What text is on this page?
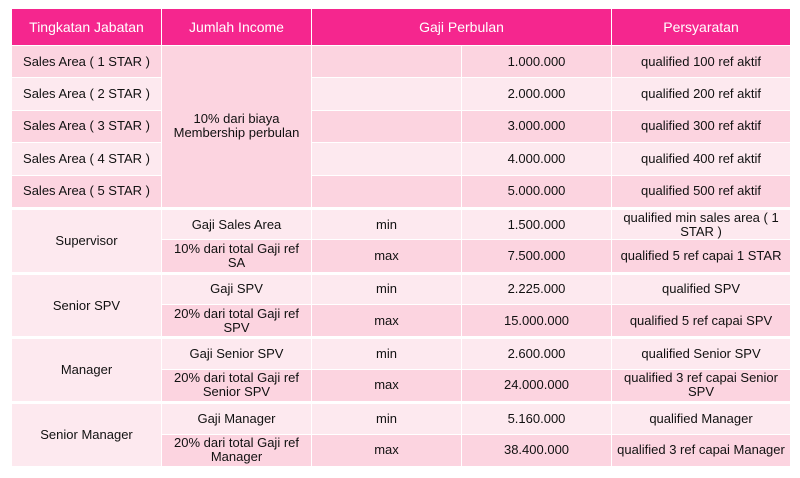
Tingkatan Jabatan	Jumlah Income	Gaji Perbulan		Persyaratan
Sales Area ( 1 STAR )	10% dari biaya Membership perbulan		1.000.000	qualified 100 ref aktif
Sales Area ( 2 STAR )			2.000.000	qualified 200 ref aktif
Sales Area ( 3 STAR )			3.000.000	qualified 300 ref aktif
Sales Area ( 4 STAR )			4.000.000	qualified 400 ref aktif
Sales Area ( 5 STAR )			5.000.000	qualified 500 ref aktif
Supervisor	Gaji Sales Area	min	1.500.000	qualified min sales area ( 1 STAR )
	10% dari total Gaji ref SA	max	7.500.000	qualified 5 ref capai 1 STAR
Senior SPV	Gaji SPV	min	2.225.000	qualified SPV
	20% dari total Gaji ref SPV	max	15.000.000	qualified 5 ref capai SPV
Manager	Gaji Senior SPV	min	2.600.000	qualified Senior SPV
	20% dari total Gaji ref Senior SPV	max	24.000.000	qualified 3 ref capai Senior SPV
Senior Manager	Gaji Manager	min	5.160.000	qualified Manager
	20% dari total Gaji ref Manager	max	38.400.000	qualified 3 ref capai Manager
